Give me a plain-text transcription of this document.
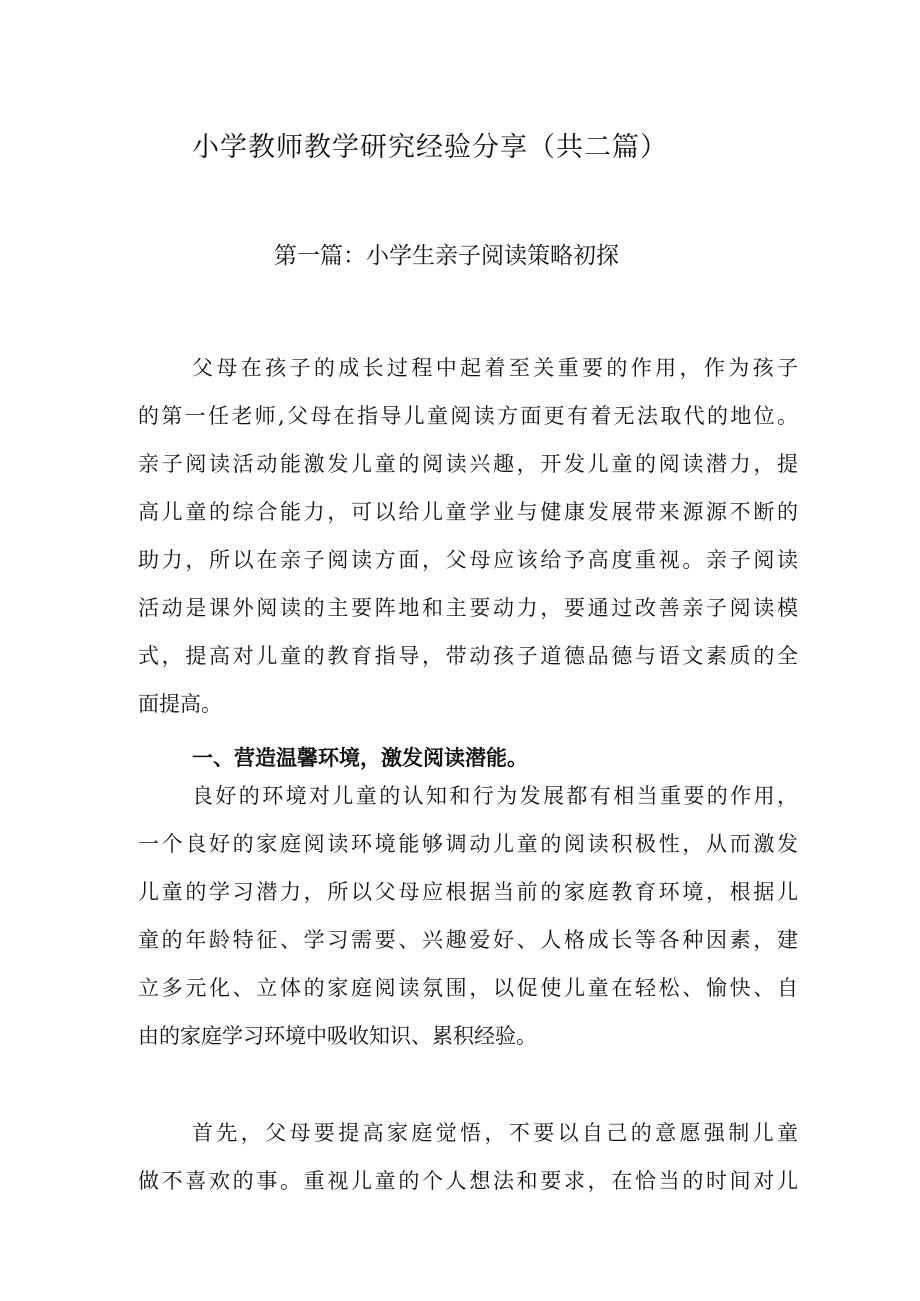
小学教师教学研究经验分享（共二篇）
第一篇：小学生亲子阅读策略初探
父母在孩子的成长过程中起着至关重要的作用，作为孩子
的第一任老师,父母在指导儿童阅读方面更有着无法取代的地位。
亲子阅读活动能激发儿童的阅读兴趣，开发儿童的阅读潜力，提
高儿童的综合能力，可以给儿童学业与健康发展带来源源不断的
助力，所以在亲子阅读方面，父母应该给予高度重视。亲子阅读
活动是课外阅读的主要阵地和主要动力，要通过改善亲子阅读模
式，提高对儿童的教育指导，带动孩子道德品德与语文素质的全
面提高。
一、营造温馨环境，激发阅读潜能。
良好的环境对儿童的认知和行为发展都有相当重要的作用，
一个良好的家庭阅读环境能够调动儿童的阅读积极性，从而激发
儿童的学习潜力，所以父母应根据当前的家庭教育环境，根据儿
童的年龄特征、学习需要、兴趣爱好、人格成长等各种因素，建
立多元化、立体的家庭阅读氛围，以促使儿童在轻松、愉快、自
由的家庭学习环境中吸收知识、累积经验。
首先，父母要提高家庭觉悟，不要以自己的意愿强制儿童
做不喜欢的事。重视儿童的个人想法和要求，在恰当的时间对儿
